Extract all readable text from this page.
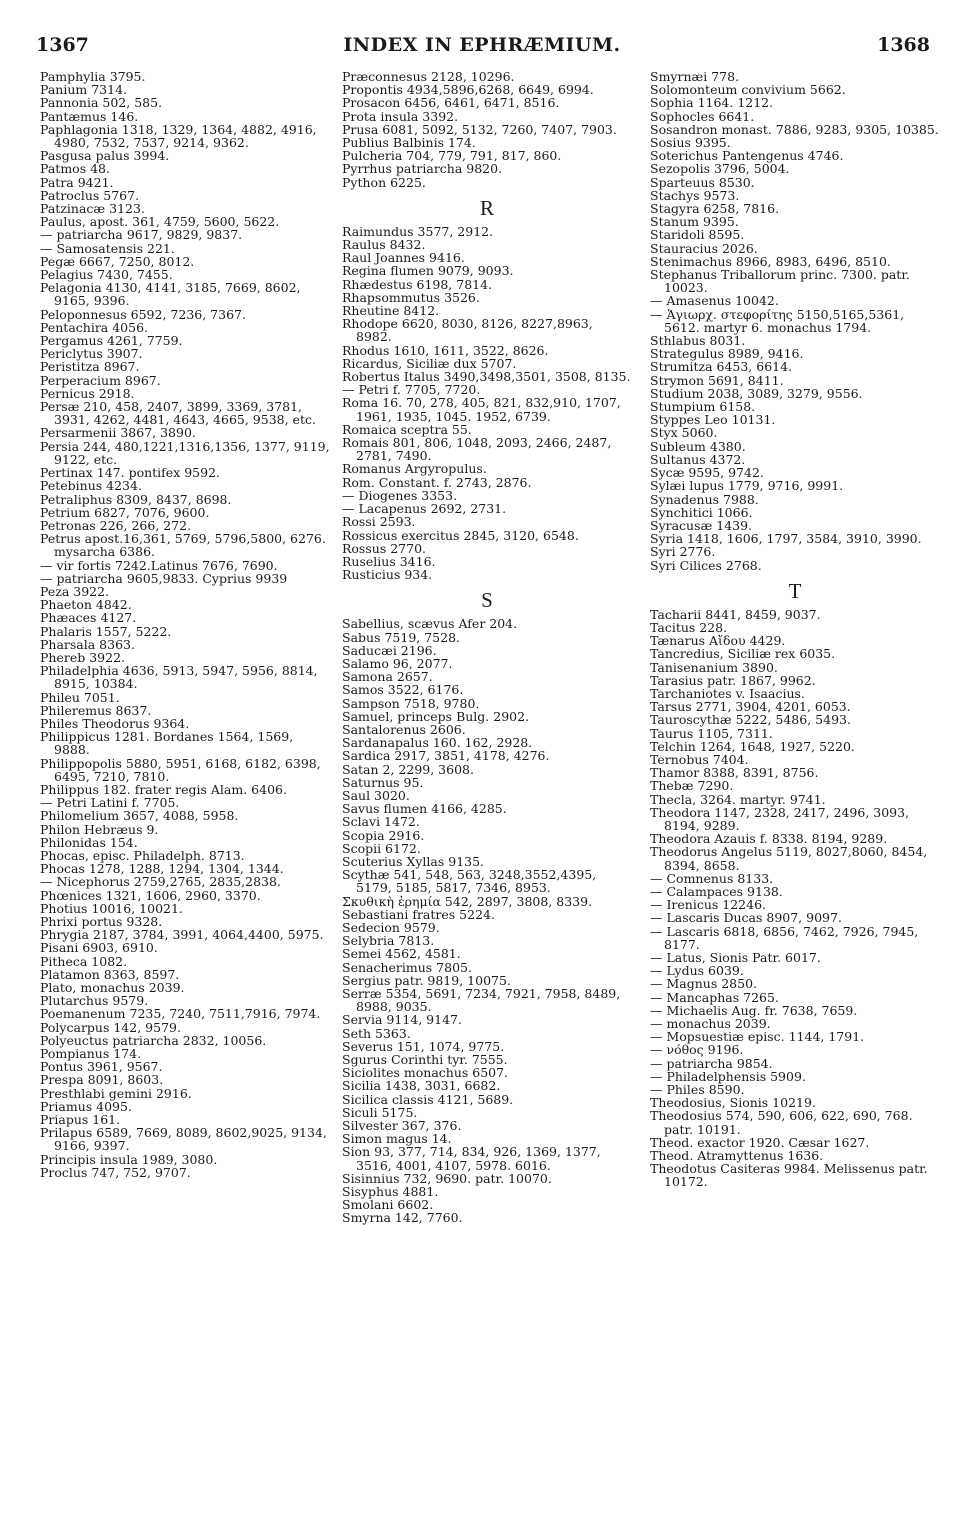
INDEX IN EPHRÆMIUM.
1367	1368

Pamphylia 3795.

Panium 7314.

Pannonia 502, 585.

Pantæmus 146.

Paphlagonia 1318, 1329, 1364, 4882, 4916, 4980, 7532, 7537, 9214, 9362.

Pasgusa palus 3994.

Patmos 48.

Patra 9421.

Patroclus 5767.

Patzinacæ 3123.

Paulus, apost. 361, 4759, 5600, 5622.

— patriarcha 9617, 9829, 9837.

— Samosatensis 221.

Pegæ 6667, 7250, 8012.

Pelagius 7430, 7455.

Pelagonia 4130, 4141, 3185, 7669, 8602, 9165, 9396.

Peloponnesus 6592, 7236, 7367.

Pentachira 4056.

Pergamus 4261, 7759.

Periclytus 3907.

Peristitza 8967.

Perperacium 8967.

Pernicus 2918.

Persæ 210, 458, 2407, 3899, 3369, 3781, 3931, 4262, 4481, 4643, 4665, 9538, etc.

Persarmenii 3867, 3890.

Persia 244, 480,1221,1316,1356, 1377, 9119, 9122, etc.

Pertinax 147. pontifex 9592.

Petebinus 4234.

Petraliphus 8309, 8437, 8698.

Petrium 6827, 7076, 9600.

Petronas 226, 266, 272.

Petrus apost.16,361, 5769, 5796,5800, 6276. mysarcha 6386.

— vir fortis 7242.Latinus 7676, 7690.

— patriarcha 9605,9833. Cyprius 9939

Peza 3922.

Phaeton 4842.

Phæaces 4127.

Phalaris 1557, 5222.

Pharsala 8363.

Phereb 3922.

Philadelphia 4636, 5913, 5947, 5956, 8814, 8915, 10384.

Phileu 7051.

Phileremus 8637.

Philes Theodorus 9364.

Philippicus 1281. Bordanes 1564, 1569, 9888.

Philippopolis 5880, 5951, 6168, 6182, 6398, 6495, 7210, 7810.

Philippus 182. frater regis Alam. 6406.

— Petri Latini f. 7705.

Philomelium 3657, 4088, 5958.

Philon Hebræus 9.

Philonidas 154.

Phocas, episc. Philadelph. 8713.

Phocas 1278, 1288, 1294, 1304, 1344.

— Nicephorus 2759,2765, 2835,2838.

Phœnices 1321, 1606, 2960, 3370.

Photius 10016, 10021.

Phrixi portus 9328.

Phrygia 2187, 3784, 3991, 4064,4400, 5975.

Pisani 6903, 6910.

Pitheca 1082.

Platamon 8363, 8597.

Plato, monachus 2039.

Plutarchus 9579.

Poemanenum 7235, 7240, 7511,7916, 7974.

Polycarpus 142, 9579.

Polyeuctus patriarcha 2832, 10056.

Pompianus 174.

Pontus 3961, 9567.

Prespa 8091, 8603.

Presthlabi gemini 2916.

Priamus 4095.

Priapus 161.

Prilapus 6589, 7669, 8089, 8602,9025, 9134, 9166, 9397.

Principis insula 1989, 3080.

Proclus 747, 752, 9707.

Præconnesus 2128, 10296.

Propontis 4934,5896,6268, 6649, 6994.

Prosacon 6456, 6461, 6471, 8516.

Prota insula 3392.

Prusa 6081, 5092, 5132, 7260, 7407, 7903.

Publius Balbinis 174.

Pulcheria 704, 779, 791, 817, 860.

Pyrrhus patriarcha 9820.

Python 6225.

R

Raimundus 3577, 2912.

Raulus 8432.

Raul Joannes 9416.

Regina flumen 9079, 9093.

Rhædestus 6198, 7814.

Rhapsommutus 3526.

Rheutine 8412.

Rhodope 6620, 8030, 8126, 8227,8963, 8982.

Rhodus 1610, 1611, 3522, 8626.

Ricardus, Siciliæ dux 5707.

Robertus Italus 3490,3498,3501, 3508, 8135.

— Petri f. 7705, 7720.

Roma 16. 70, 278, 405, 821, 832,910, 1707, 1961, 1935, 1045. 1952, 6739.

Romaica sceptra 55.

Romais 801, 806, 1048, 2093, 2466, 2487, 2781, 7490.

Romanus Argyropulus.

Rom. Constant. f. 2743, 2876.

— Diogenes 3353.

— Lacapenus 2692, 2731.

Rossi 2593.

Rossicus exercitus 2845, 3120, 6548.

Rossus 2770.

Ruselius 3416.

Rusticius 934.

S

Sabellius, scævus Afer 204.

Sabus 7519, 7528.

Saducæi 2196.

Salamo 96, 2077.

Samona 2657.

Samos 3522, 6176.

Sampson 7518, 9780.

Samuel, princeps Bulg. 2902.

Santalorenus 2606.

Sardanapalus 160. 162, 2928.

Sardica 2917, 3851, 4178, 4276.

Satan 2, 2299, 3608.

Saturnus 95.

Saul 3020.

Savus flumen 4166, 4285.

Sclavi 1472.

Scopia 2916.

Scopii 6172.

Scuterius Xyllas 9135.

Scythæ 541, 548, 563, 3248,3552,4395, 5179, 5185, 5817, 7346, 8953.

Σκυθικὴ ἐρημία 542, 2897, 3808, 8339.

Sebastiani fratres 5224.

Sedecion 9579.

Selybria 7813.

Semei 4562, 4581.

Senacherimus 7805.

Sergius patr. 9819, 10075.

Serræ 5354, 5691, 7234, 7921, 7958, 8489, 8988, 9035.

Servia 9114, 9147.

Seth 5363.

Severus 151, 1074, 9775.

Sgurus Corinthi tyr. 7555.

Siciolites monachus 6507.

Sicilia 1438, 3031, 6682.

Sicilica classis 4121, 5689.

Siculi 5175.

Silvester 367, 376.

Simon magus 14.

Sion 93, 377, 714, 834, 926, 1369, 1377, 3516, 4001, 4107, 5978. 6016.

Sisinnius 732, 9690. patr. 10070.

Sisyphus 4881.

Smolani 6602.

Smyrna 142, 7760.

Smyrnæi 778.

Solomonteum convivium 5662.

Sophia 1164. 1212.

Sophocles 6641.

Sosandron monast. 7886, 9283, 9305, 10385.

Sosius 9395.

Soterichus Pantengenus 4746.

Sezopolis 3796, 5004.

Sparteuus 8530.

Stachys 9573.

Stagyra 6258, 7816.

Stanum 9395.

Staridoli 8595.

Stauracius 2026.

Stenimachus 8966, 8983, 6496, 8510.

Stephanus Triballorum princ. 7300. patr. 10023.

— Amasenus 10042.

— Ἁγιωρχ. στεφορίτης 5150,5165,5361, 5612. martyr 6. monachus 1794.

Sthlabus 8031.

Strategulus 8989, 9416.

Strumitza 6453, 6614.

Strymon 5691, 8411.

Studium 2038, 3089, 3279, 9556.

Stumpium 6158.

Styppes Leo 10131.

Styx 5060.

Subleum 4380.

Sultanus 4372.

Sycæ 9595, 9742.

Sylæi lupus 1779, 9716, 9991.

Synadenus 7988.

Synchitici 1066.

Syracusæ 1439.

Syria 1418, 1606, 1797, 3584, 3910, 3990.

Syri 2776.

Syri Cilices 2768.

T

Tacharii 8441, 8459, 9037.

Tacitus 228.

Tænarus Αἴδου 4429.

Tancredius, Siciliæ rex 6035.

Tanisenanium 3890.

Tarasius patr. 1867, 9962.

Tarchaniotes v. Isaacius.

Tarsus 2771, 3904, 4201, 6053.

Tauroscythæ 5222, 5486, 5493.

Taurus 1105, 7311.

Telchin 1264, 1648, 1927, 5220.

Ternobus 7404.

Thamor 8388, 8391, 8756.

Thebæ 7290.

Thecla, 3264. martyr. 9741.

Theodora 1147, 2328, 2417, 2496, 3093, 8194, 9289.

Theodora Azauis f. 8338. 8194, 9289.

Theodorus Angelus 5119, 8027,8060, 8454, 8394, 8658.

— Comnenus 8133.

— Calampaces 9138.

— Irenicus 12246.

— Lascaris Ducas 8907, 9097.

— Lascaris 6818, 6856, 7462, 7926, 7945, 8177.

— Latus, Sionis Patr. 6017.

— Lydus 6039.

— Magnus 2850.

— Mancaphas 7265.

— Michaelis Aug. fr. 7638, 7659.

— monachus 2039.

— Mopsuestiæ episc. 1144, 1791.

— νόθος 9196.

— patriarcha 9854.

— Philadelphensis 5909.

— Philes 8590.

Theodosius, Sionis 10219.

Theodosius 574, 590, 606, 622, 690, 768. patr. 10191.

Theod. exactor 1920. Cæsar 1627.

Theod. Atramyttenus 1636.

Theodotus Casiteras 9984. Melissenus patr. 10172.
